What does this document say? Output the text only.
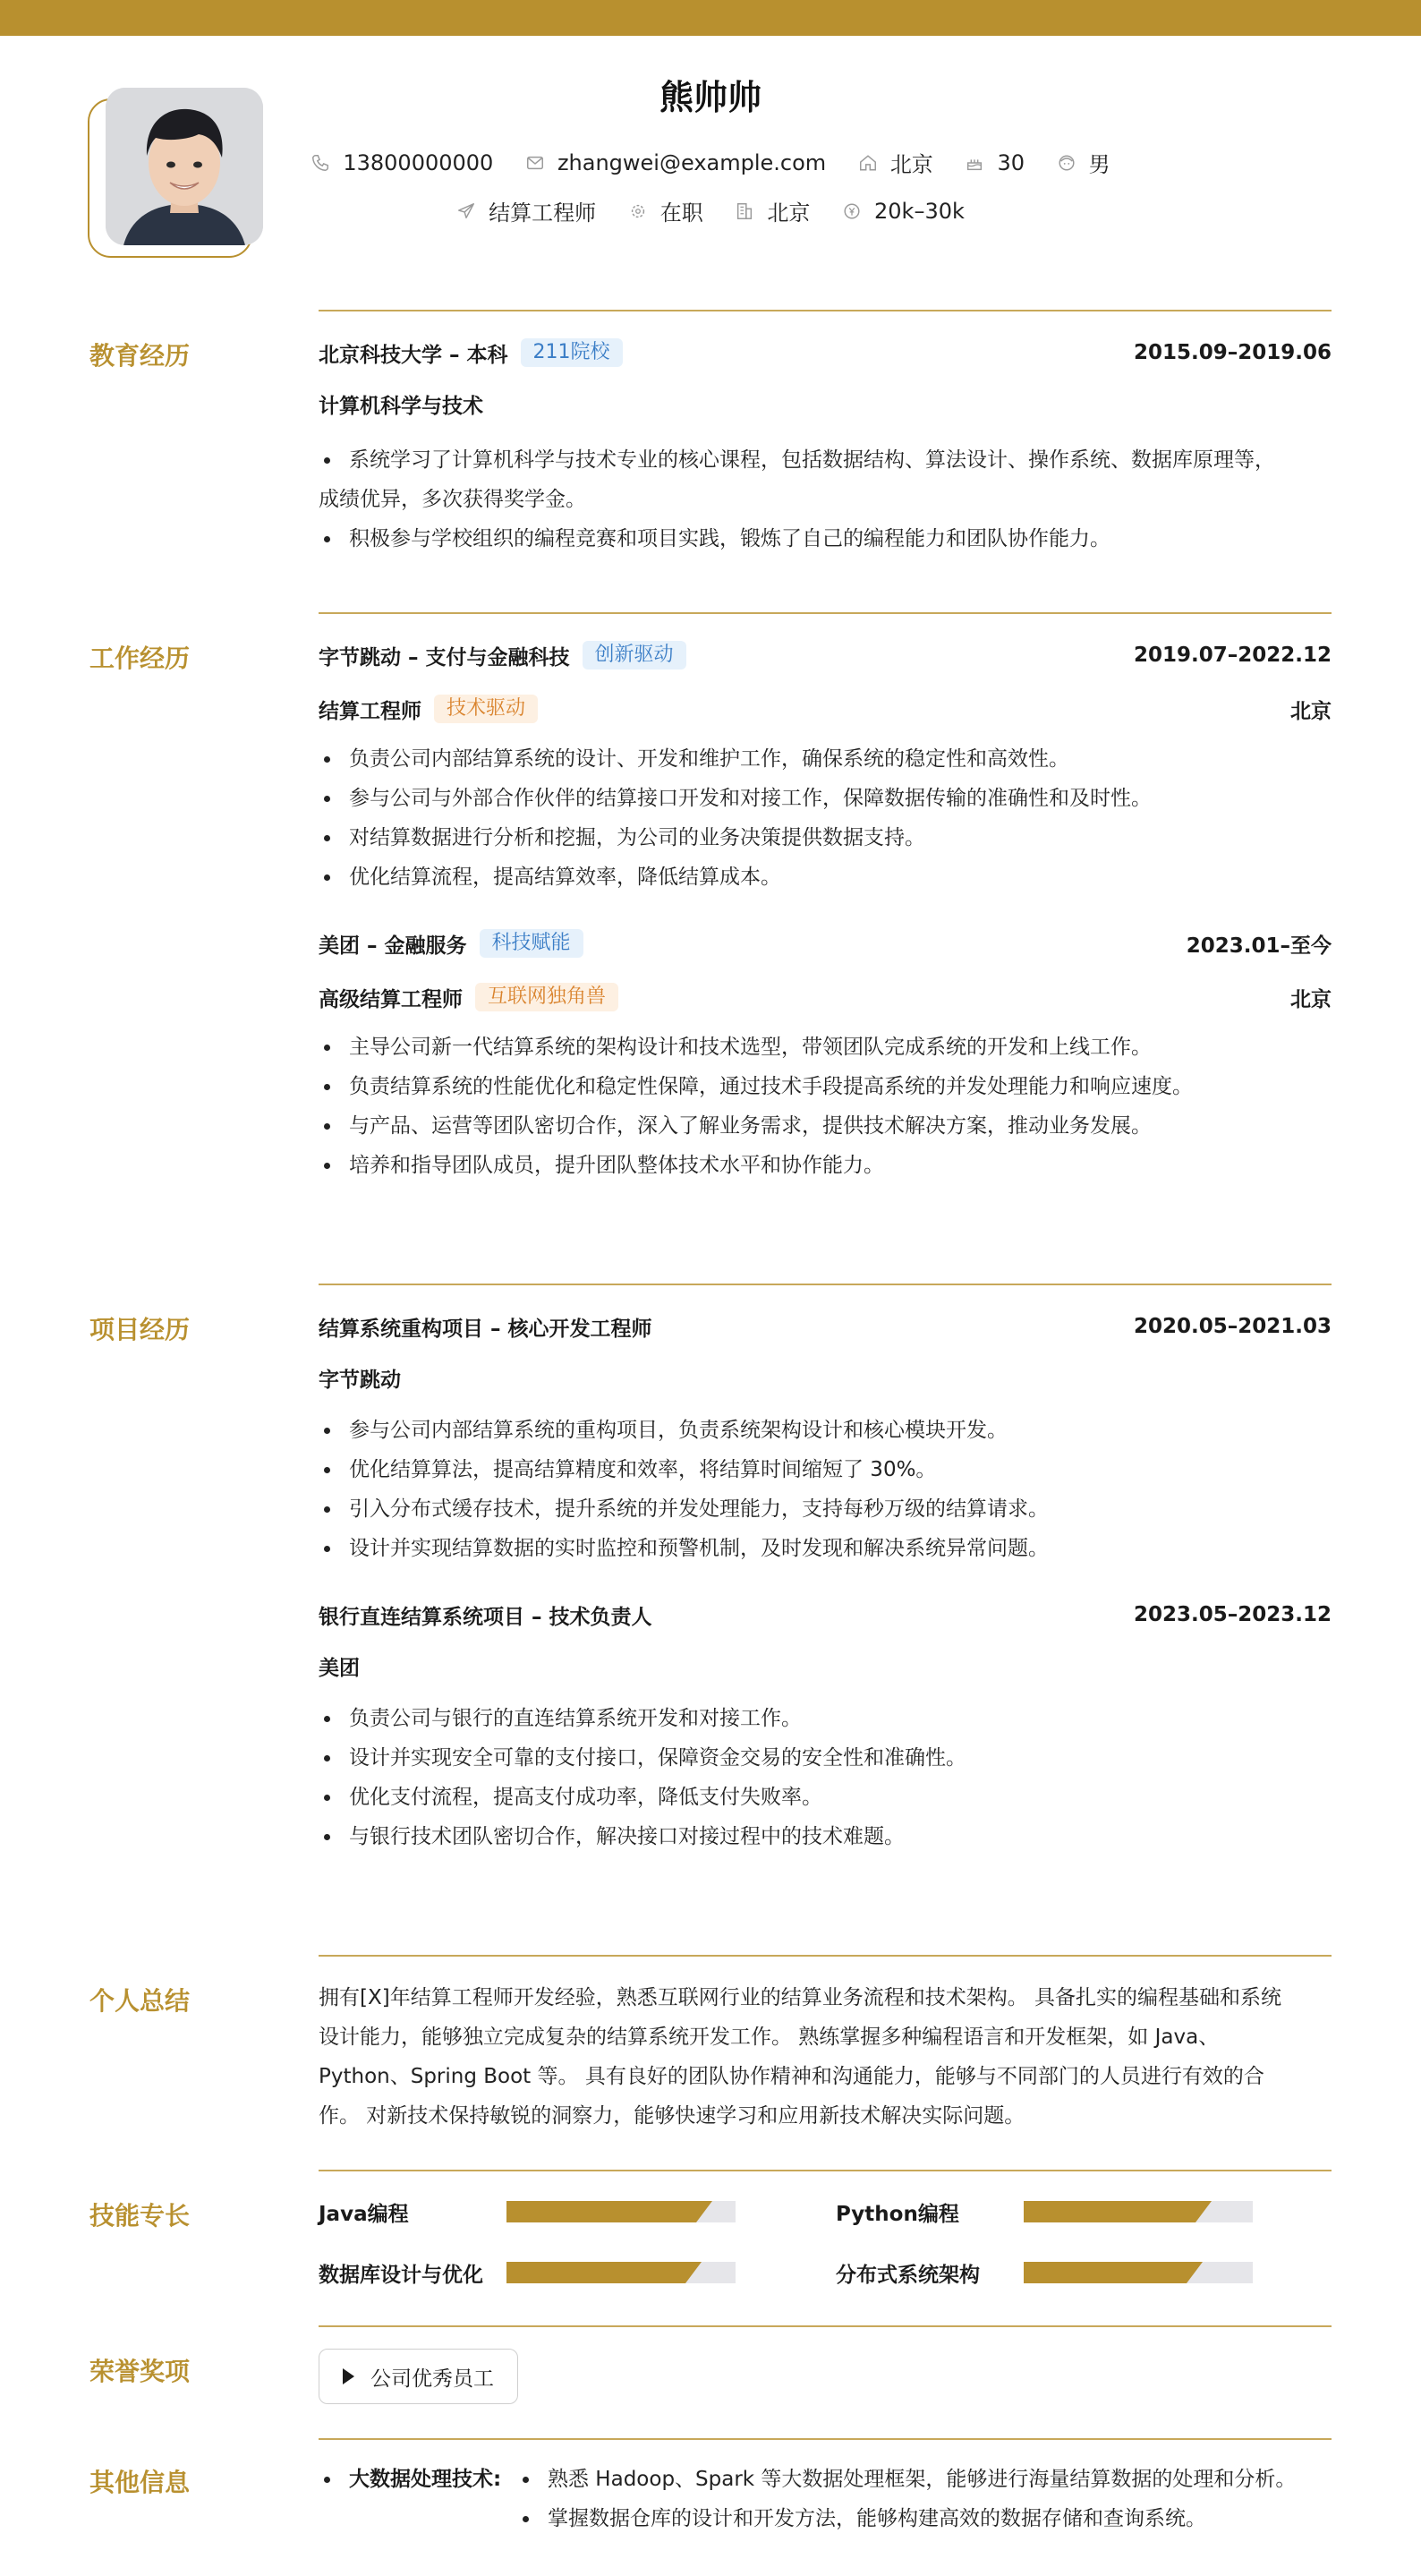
熊帅帅
13800000000
	zhangwei@example.com
	北京
	30
	男
结算工程师
	在职
	北京
	20k–30k
教育经历	北京科技大学 – 本科	211院校	2015.09–2019.06
计算机科学与技术
系统学习了计算机科学与技术专业的核心课程，包括数据结构、算法设计、操作系统、数据库原理等，
成绩优异，多次获得奖学金。
积极参与学校组织的编程竞赛和项目实践，锻炼了自己的编程能力和团队协作能力。
工作经历	字节跳动 – 支付与金融科技	创新驱动	2019.07–2022.12
结算工程师	技术驱动	北京
负责公司内部结算系统的设计、开发和维护工作，确保系统的稳定性和高效性。
参与公司与外部合作伙伴的结算接口开发和对接工作，保障数据传输的准确性和及时性。
对结算数据进行分析和挖掘，为公司的业务决策提供数据支持。
优化结算流程，提高结算效率，降低结算成本。
美团 – 金融服务	科技赋能	2023.01–至今
高级结算工程师	互联网独角兽	北京
主导公司新一代结算系统的架构设计和技术选型，带领团队完成系统的开发和上线工作。
负责结算系统的性能优化和稳定性保障，通过技术手段提高系统的并发处理能力和响应速度。
与产品、运营等团队密切合作，深入了解业务需求，提供技术解决方案，推动业务发展。
培养和指导团队成员，提升团队整体技术水平和协作能力。
项目经历	结算系统重构项目 – 核心开发工程师	2020.05–2021.03
字节跳动
参与公司内部结算系统的重构项目，负责系统架构设计和核心模块开发。
优化结算算法，提高结算精度和效率，将结算时间缩短了 30%。
引入分布式缓存技术，提升系统的并发处理能力，支持每秒万级的结算请求。
设计并实现结算数据的实时监控和预警机制，及时发现和解决系统异常问题。
银行直连结算系统项目 – 技术负责人	2023.05–2023.12
美团
负责公司与银行的直连结算系统开发和对接工作。
设计并实现安全可靠的支付接口，保障资金交易的安全性和准确性。
优化支付流程，提高支付成功率，降低支付失败率。
与银行技术团队密切合作，解决接口对接过程中的技术难题。
个人总结	拥有[X]年结算工程师开发经验，熟悉互联网行业的结算业务流程和技术架构。 具备扎实的编程基础和系统
设计能力，能够独立完成复杂的结算系统开发工作。 熟练掌握多种编程语言和开发框架，如 Java、
Python、Spring Boot 等。 具有良好的团队协作精神和沟通能力，能够与不同部门的人员进行有效的合
作。 对新技术保持敏锐的洞察力，能够快速学习和应用新技术解决实际问题。
技能专长	Java编程	Python编程
数据库设计与优化	分布式系统架构
荣誉奖项	公司优秀员工
其他信息	大数据处理技术:	熟悉 Hadoop、Spark 等大数据处理框架，能够进行海量结算数据的处理和分析。
掌握数据仓库的设计和开发方法，能够构建高效的数据存储和查询系统。
